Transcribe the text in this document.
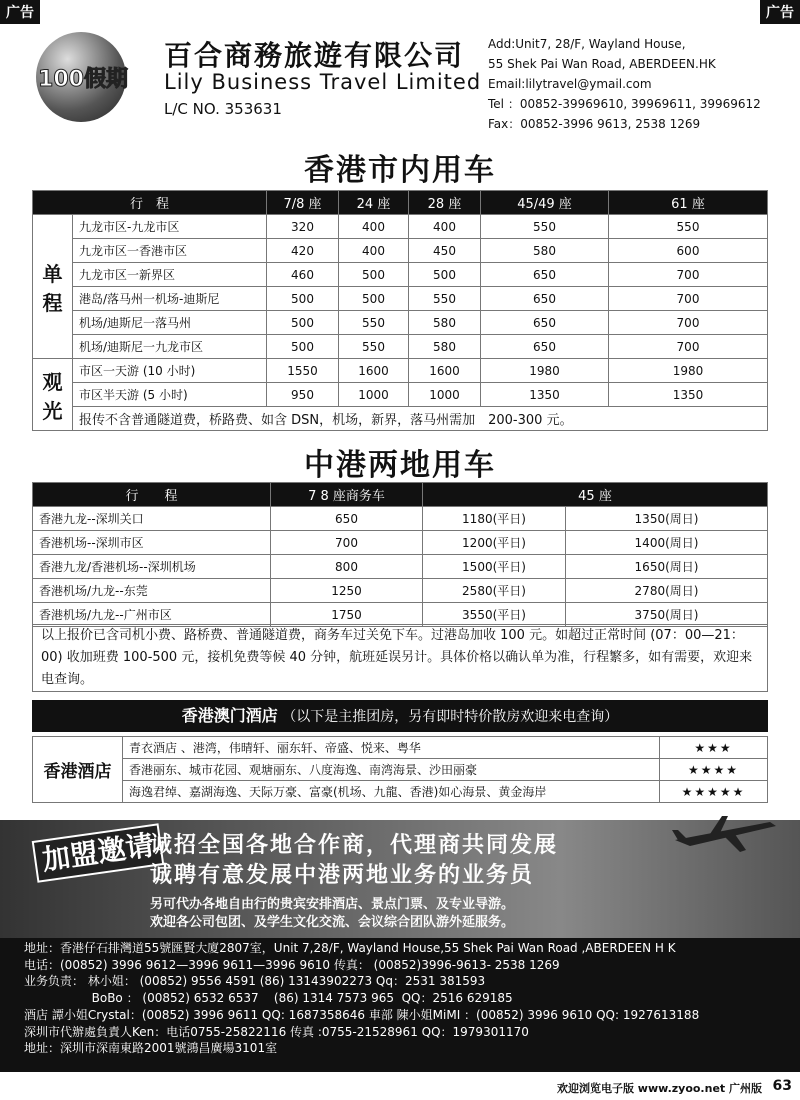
广告	广告
100假期
百合商務旅遊有限公司
Lily Business Travel Limited
L/C NO. 353631
Add:Unit7, 28/F, Wayland House,
55 Shek Pai Wan Road, ABERDEEN.HK
Email:lilytravel@ymail.com
Tel ：00852-39969610, 39969611, 39969612
Fax：00852-3996 9613, 2538 1269
香港市内用车
行　程		7/8 座	24 座	28 座	45/49 座	61 座
单程	九龙市区-九龙市区	320	400	400	550	550
	九龙市区一香港市区	420	400	450	580	600
	九龙市区一新界区	460	500	500	650	700
	港岛/落马州一机场-迪斯尼	500	500	550	650	700
	机场/迪斯尼一落马州	500	550	580	650	700
	机场/迪斯尼一九龙市区	500	550	580	650	700
观光	市区一天游 (10 小时)	1550	1600	1600	1980	1980
	市区半天游 (5 小时)	950	1000	1000	1350	1350
	报传不含普通隧道费，桥路费、如含 DSN，机场，新界，落马州需加　200-300 元。					
中港两地用车
行　　程	7 8 座商务车	45 座	
香港九龙--深圳关口	650	1180(平日)	1350(周日)
香港机场--深圳市区	700	1200(平日)	1400(周日)
香港九龙/香港机场--深圳机场	800	1500(平日)	1650(周日)
香港机场/九龙--东莞	1250	2580(平日)	2780(周日)
香港机场/九龙--广州市区	1750	3550(平日)	3750(周日)
以上报价已含司机小费、路桥费、普通隧道费，商务车过关免下车。过港岛加收 100 元。如超过正常时间 (07：00—21：00) 收加班费 100-500 元，接机免费等候 40 分钟，航班延误另计。具体价格以确认单为准，行程繁多，如有需要，欢迎来电查询。
香港澳门酒店 （以下是主推团房，另有即时特价散房欢迎来电查询）
香港酒店	青衣酒店 、港湾，伟晴轩、丽东轩、帝盛、悦来、粤华	★★★
	香港丽东、城市花园、观塘丽东、八度海逸、南湾海景、沙田丽豪	★★★★
	海逸君绰、嘉湖海逸、天际万豪、富豪(机场、九龍、香港)如心海景、黄金海岸	★★★★★
加盟邀请
诚招全国各地合作商，代理商共同发展
诚聘有意发展中港两地业务的业务员
另可代办各地自由行的贵宾安排酒店、景点门票、及专业导游。
欢迎各公司包团、及学生文化交流、会议综合团队游外延服务。
地址：香港仔石排灣道55號匯賢大廈2807室，Unit 7,28/F, Wayland House,55 Shek Pai Wan Road ,ABERDEEN H K
电话：(00852) 3996 9612—3996 9611—3996 9610 传真： (00852)3996-9613- 2538 1269
业务负责： 林小姐： (00852) 9556 4591 (86) 13143902273 Qq：2531 381593
　　　　　  BoBo ： (00852) 6532 6537    (86) 1314 7573 965  QQ：2516 629185
酒店 譚小姐Crystal：(00852) 3996 9611 QQ: 1687358646 車部 陳小姐MiMI ：(00852) 3996 9610 QQ: 1927613188
深圳市代辦處負責人Ken：电话0755-25822116 传真 :0755-21528961 QQ：1979301170
地址：深圳市深南東路2001號鴻昌廣場3101室
欢迎浏览电子版 www.zyoo.net 广州版 63
